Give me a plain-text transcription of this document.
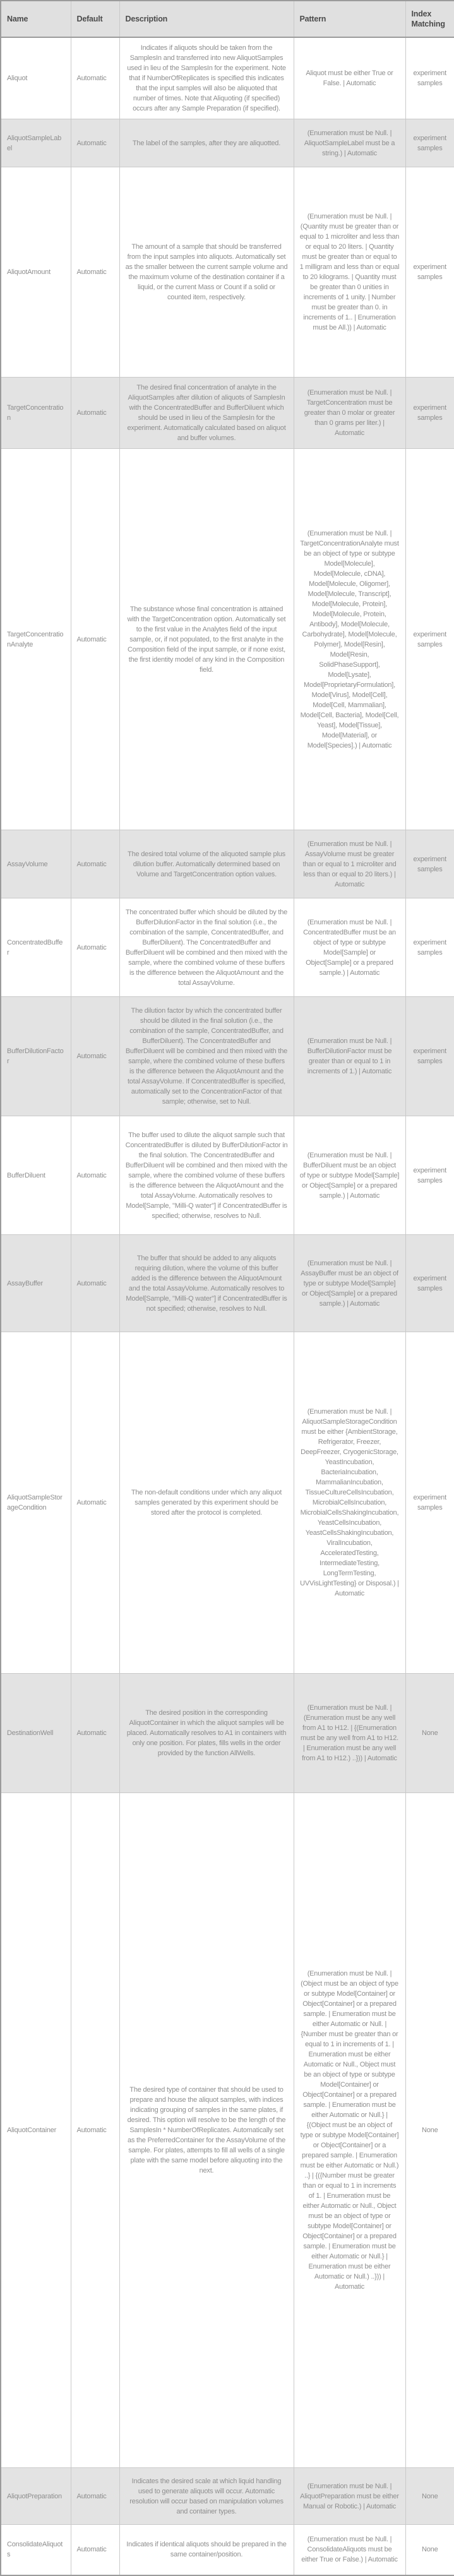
Name	Default	Description	Pattern	Index Matching
Aliquot	Automatic	Indicates if aliquots should be taken from the SamplesIn and transferred into new AliquotSamples used in lieu of the SamplesIn for the experiment. Note that if NumberOfReplicates is specified this indicates that the input samples will also be aliquoted that number of times. Note that Aliquoting (if specified) occurs after any Sample Preparation (if specified).	Aliquot must be either True or False. | Automatic	experiment samples
AliquotSampleLabel	Automatic	The label of the samples, after they are aliquotted.	(Enumeration must be Null. | AliquotSampleLabel must be a string.) | Automatic	experiment samples
AliquotAmount	Automatic	The amount of a sample that should be transferred from the input samples into aliquots. Automatically set as the smaller between the current sample volume and the maximum volume of the destination container if a liquid, or the current Mass or Count if a solid or counted item, respectively.	(Enumeration must be Null. | (Quantity must be greater than or equal to 1 microliter and less than or equal to 20 liters. | Quantity must be greater than or equal to 1 milligram and less than or equal to 20 kilograms. | Quantity must be greater than 0 unities in increments of 1 unity. | Number must be greater than 0. in increments of 1.. | Enumeration must be All.)) | Automatic	experiment samples
TargetConcentration	Automatic	The desired final concentration of analyte in the AliquotSamples after dilution of aliquots of SamplesIn with the ConcentratedBuffer and BufferDiluent which should be used in lieu of the SamplesIn for the experiment. Automatically calculated based on aliquot and buffer volumes.	(Enumeration must be Null. | TargetConcentration must be greater than 0 molar or greater than 0 grams per liter.) | Automatic	experiment samples
TargetConcentrationAnalyte	Automatic	The substance whose final concentration is attained with the TargetConcentration option. Automatically set to the first value in the Analytes field of the input sample, or, if not populated, to the first analyte in the Composition field of the input sample, or if none exist, the first identity model of any kind in the Composition field.	(Enumeration must be Null. | TargetConcentrationAnalyte must be an object of type or subtype Model[Molecule], Model[Molecule, cDNA], Model[Molecule, Oligomer], Model[Molecule, Transcript], Model[Molecule, Protein], Model[Molecule, Protein, Antibody], Model[Molecule, Carbohydrate], Model[Molecule, Polymer], Model[Resin], Model[Resin, SolidPhaseSupport], Model[Lysate], Model[ProprietaryFormulation], Model[Virus], Model[Cell], Model[Cell, Mammalian], Model[Cell, Bacteria], Model[Cell, Yeast], Model[Tissue], Model[Material], or Model[Species].) | Automatic	experiment samples
AssayVolume	Automatic	The desired total volume of the aliquoted sample plus dilution buffer. Automatically determined based on Volume and TargetConcentration option values.	(Enumeration must be Null. | AssayVolume must be greater than or equal to 1 microliter and less than or equal to 20 liters.) | Automatic	experiment samples
ConcentratedBuffer	Automatic	The concentrated buffer which should be diluted by the BufferDilutionFactor in the final solution (i.e., the combination of the sample, ConcentratedBuffer, and BufferDiluent). The ConcentratedBuffer and BufferDiluent will be combined and then mixed with the sample, where the combined volume of these buffers is the difference between the AliquotAmount and the total AssayVolume.	(Enumeration must be Null. | ConcentratedBuffer must be an object of type or subtype Model[Sample] or Object[Sample] or a prepared sample.) | Automatic	experiment samples
BufferDilutionFactor	Automatic	The dilution factor by which the concentrated buffer should be diluted in the final solution (i.e., the combination of the sample, ConcentratedBuffer, and BufferDiluent). The ConcentratedBuffer and BufferDiluent will be combined and then mixed with the sample, where the combined volume of these buffers is the difference between the AliquotAmount and the total AssayVolume. If ConcentratedBuffer is specified, automatically set to the ConcentrationFactor of that sample; otherwise, set to Null.	(Enumeration must be Null. | BufferDilutionFactor must be greater than or equal to 1 in increments of 1.) | Automatic	experiment samples
BufferDiluent	Automatic	The buffer used to dilute the aliquot sample such that ConcentratedBuffer is diluted by BufferDilutionFactor in the final solution. The ConcentratedBuffer and BufferDiluent will be combined and then mixed with the sample, where the combined volume of these buffers is the difference between the AliquotAmount and the total AssayVolume. Automatically resolves to Model[Sample, "Milli-Q water"] if ConcentratedBuffer is specified; otherwise, resolves to Null.	(Enumeration must be Null. | BufferDiluent must be an object of type or subtype Model[Sample] or Object[Sample] or a prepared sample.) | Automatic	experiment samples
AssayBuffer	Automatic	The buffer that should be added to any aliquots requiring dilution, where the volume of this buffer added is the difference between the AliquotAmount and the total AssayVolume. Automatically resolves to Model[Sample, "Milli-Q water"] if ConcentratedBuffer is not specified; otherwise, resolves to Null.	(Enumeration must be Null. | AssayBuffer must be an object of type or subtype Model[Sample] or Object[Sample] or a prepared sample.) | Automatic	experiment samples
AliquotSampleStorageCondition	Automatic	The non-default conditions under which any aliquot samples generated by this experiment should be stored after the protocol is completed.	(Enumeration must be Null. | AliquotSampleStorageCondition must be either {AmbientStorage, Refrigerator, Freezer, DeepFreezer, CryogenicStorage, YeastIncubation, BacteriaIncubation, MammalianIncubation, TissueCultureCellsIncubation, MicrobialCellsIncubation, MicrobialCellsShakingIncubation, YeastCellsIncubation, YeastCellsShakingIncubation, ViralIncubation, AcceleratedTesting, IntermediateTesting, LongTermTesting, UVVisLightTesting} or Disposal.) | Automatic	experiment samples
DestinationWell	Automatic	The desired position in the corresponding AliquotContainer in which the aliquot samples will be placed. Automatically resolves to A1 in containers with only one position. For plates, fills wells in the order provided by the function AllWells.	(Enumeration must be Null. | (Enumeration must be any well from A1 to H12. | {(Enumeration must be any well from A1 to H12. | Enumeration must be any well from A1 to H12.) ..})) | Automatic	None
AliquotContainer	Automatic	The desired type of container that should be used to prepare and house the aliquot samples, with indices indicating grouping of samples in the same plates, if desired. This option will resolve to be the length of the SamplesIn * NumberOfReplicates. Automatically set as the PreferredContainer for the AssayVolume of the sample. For plates, attempts to fill all wells of a single plate with the same model before aliquoting into the next.	(Enumeration must be Null. | (Object must be an object of type or subtype Model[Container] or Object[Container] or a prepared sample. | Enumeration must be either Automatic or Null. | {Number must be greater than or equal to 1 in increments of 1. | Enumeration must be either Automatic or Null., Object must be an object of type or subtype Model[Container] or Object[Container] or a prepared sample. | Enumeration must be either Automatic or Null.} | {(Object must be an object of type or subtype Model[Container] or Object[Container] or a prepared sample. | Enumeration must be either Automatic or Null.) ..} | {({Number must be greater than or equal to 1 in increments of 1. | Enumeration must be either Automatic or Null., Object must be an object of type or subtype Model[Container] or Object[Container] or a prepared sample. | Enumeration must be either Automatic or Null.} | Enumeration must be either Automatic or Null.) ..})) | Automatic	None
AliquotPreparation	Automatic	Indicates the desired scale at which liquid handling used to generate aliquots will occur. Automatic resolution will occur based on manipulation volumes and container types.	(Enumeration must be Null. | AliquotPreparation must be either Manual or Robotic.) | Automatic	None
ConsolidateAliquots	Automatic	Indicates if identical aliquots should be prepared in the same container/position.	(Enumeration must be Null. | ConsolidateAliquots must be either True or False.) | Automatic	None
